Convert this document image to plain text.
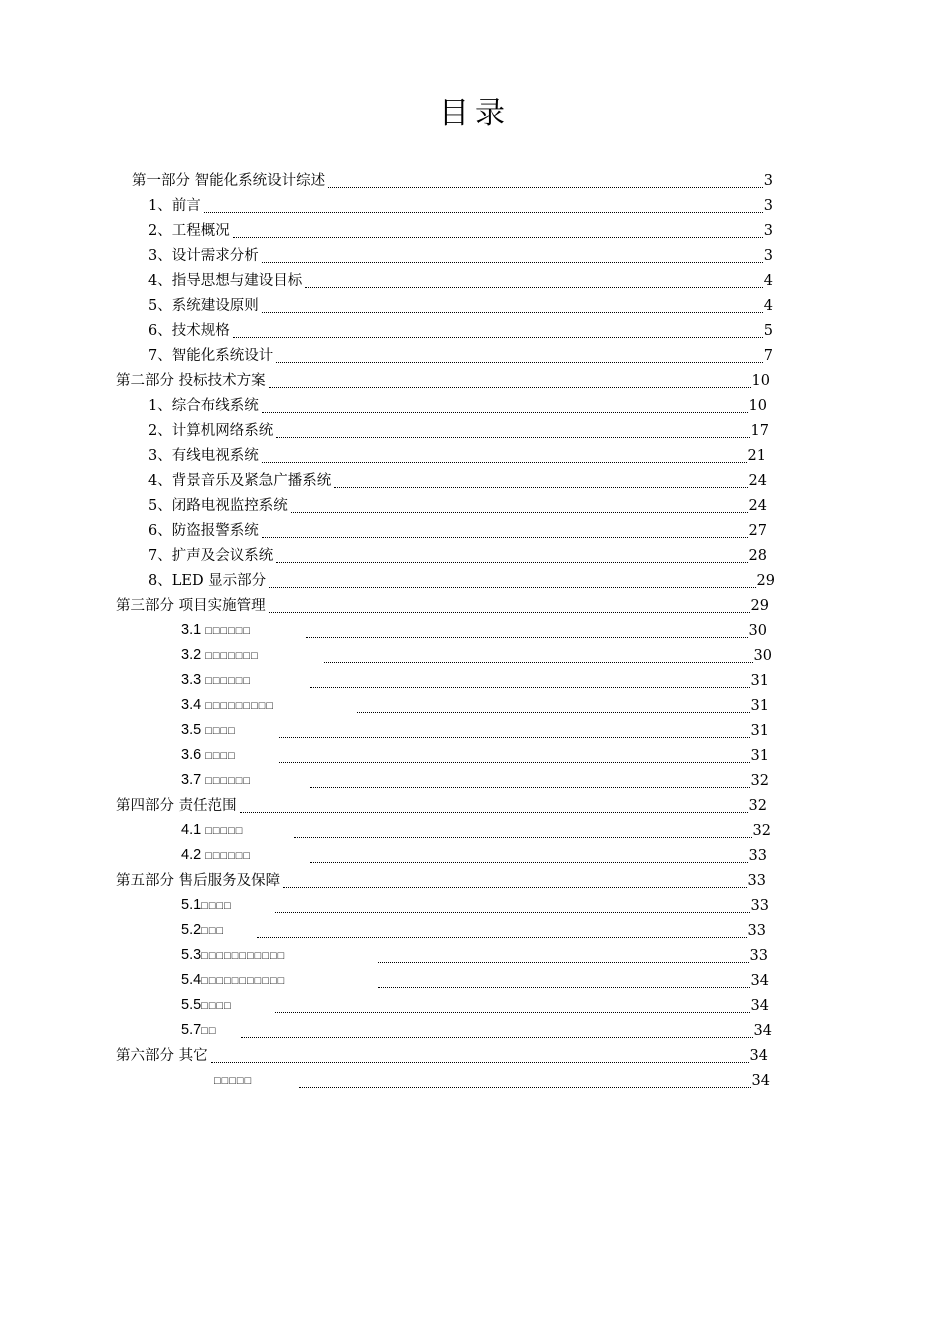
目录
第一部分 智能化系统设计综述	3
1、前言	3
2、工程概况	3
3、设计需求分析	3
4、指导思想与建设目标	4
5、系统建设原则	4
6、技术规格	5
7、智能化系统设计	7
第二部分 投标技术方案	10
1、综合布线系统	10
2、计算机网络系统	17
3、有线电视系统	21
4、背景音乐及紧急广播系统	24
5、闭路电视监控系统	24
6、防盗报警系统	27
7、扩声及会议系统	28
8、LED 显示部分	29
第三部分 项目实施管理	29
3.1 □□□□□□	30
3.2 □□□□□□□	30
3.3 □□□□□□	31
3.4 □□□□□□□□□	31
3.5 □□□□	31
3.6 □□□□	31
3.7 □□□□□□	32
第四部分 责任范围	32
4.1 □□□□□	32
4.2 □□□□□□	33
第五部分 售后服务及保障	33
5.1□□□□	33
5.2□□□	33
5.3□□□□□□□□□□□	33
5.4□□□□□□□□□□□	34
5.5□□□□	34
5.7□□	34
第六部分 其它	34
□□□□□	34
